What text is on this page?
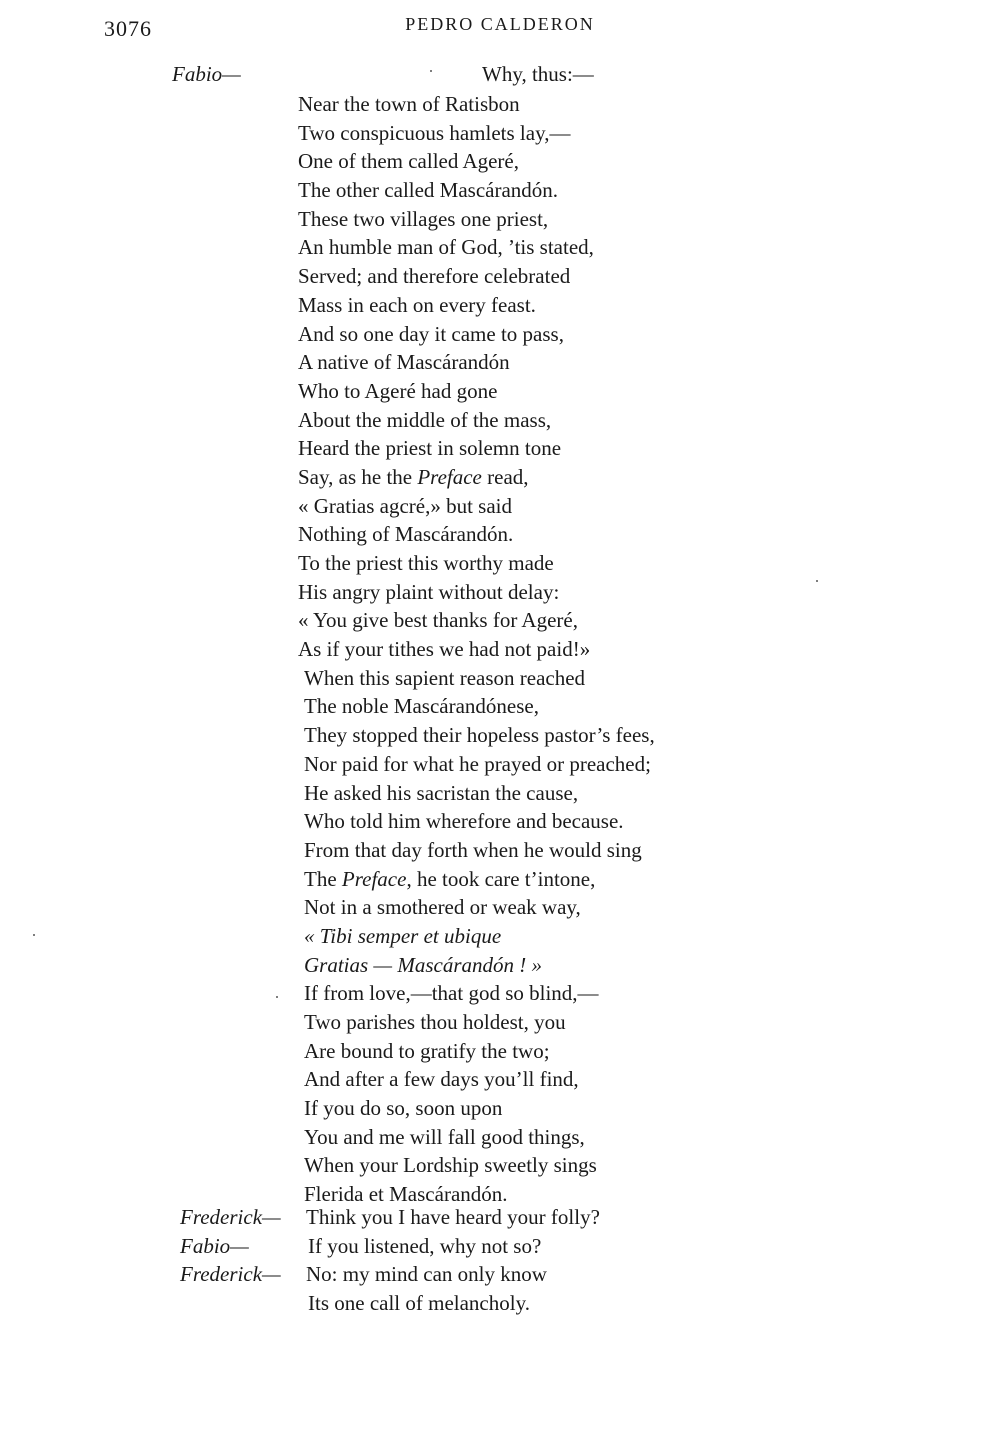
3076	PEDRO CALDERON
Fabio—	Why, thus:—
Near the town of Ratisbon
Two conspicuous hamlets lay,—
One of them called Ageré,
The other called Mascárandón.
These two villages one priest,
An humble man of God, ’tis stated,
Served; and therefore celebrated
Mass in each on every feast.
And so one day it came to pass,
A native of Mascárandón
Who to Ageré had gone
About the middle of the mass,
Heard the priest in solemn tone
Say, as he the Preface read,
« Gratias agcré,» but said
Nothing of Mascárandón.
To the priest this worthy made
His angry plaint without delay:
« You give best thanks for Ageré,
As if your tithes we had not paid!»
When this sapient reason reached
The noble Mascárandónese,
They stopped their hopeless pastor’s fees,
Nor paid for what he prayed or preached;
He asked his sacristan the cause,
Who told him wherefore and because.
From that day forth when he would sing
The Preface, he took care t’intone,
Not in a smothered or weak way,
« Tibi semper et ubique
Gratias — Mascárandón ! »
If from love,—that god so blind,—
Two parishes thou holdest, you
Are bound to gratify the two;
And after a few days you’ll find,
If you do so, soon upon
You and me will fall good things,
When your Lordship sweetly sings
Flerida et Mascárandón.
Frederick— Think you I have heard your folly?
Fabio—	If you listened, why not so?
Frederick— No: my mind can only know
Its one call of melancholy.
